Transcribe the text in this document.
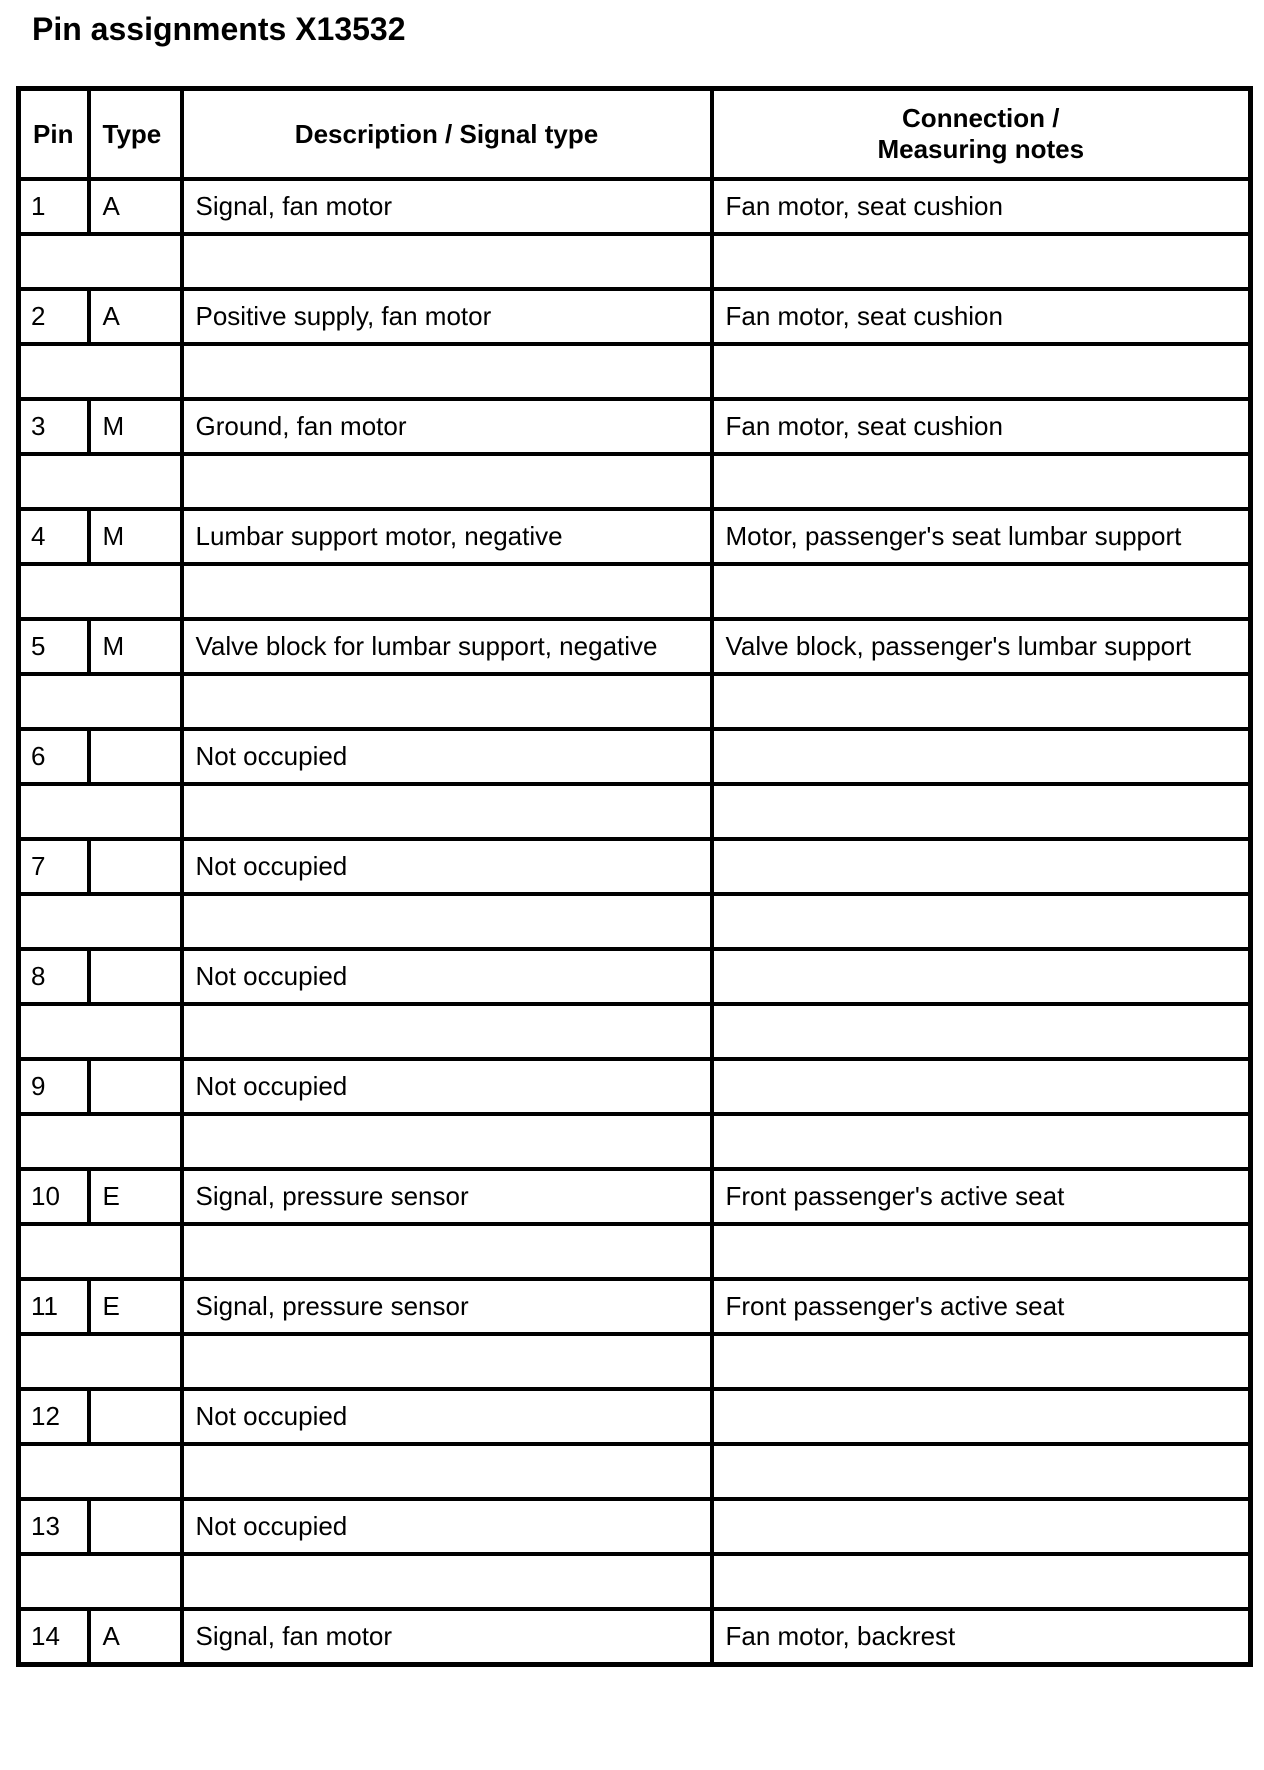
Pin assignments X13532
Pin	Type	Description / Signal type	Connection /
Measuring notes

1	A	Signal, fan motor	Fan motor, seat cushion

2	A	Positive supply, fan motor	Fan motor, seat cushion

3	M	Ground, fan motor	Fan motor, seat cushion

4	M	Lumbar support motor, negative	Motor, passenger's seat lumbar support

5	M	Valve block for lumbar support, negative	Valve block, passenger's lumbar support

6		Not occupied	

7		Not occupied	

8		Not occupied	

9		Not occupied	

10	E	Signal, pressure sensor	Front passenger's active seat

11	E	Signal, pressure sensor	Front passenger's active seat

12		Not occupied	

13		Not occupied	

14	A	Signal, fan motor	Fan motor, backrest
